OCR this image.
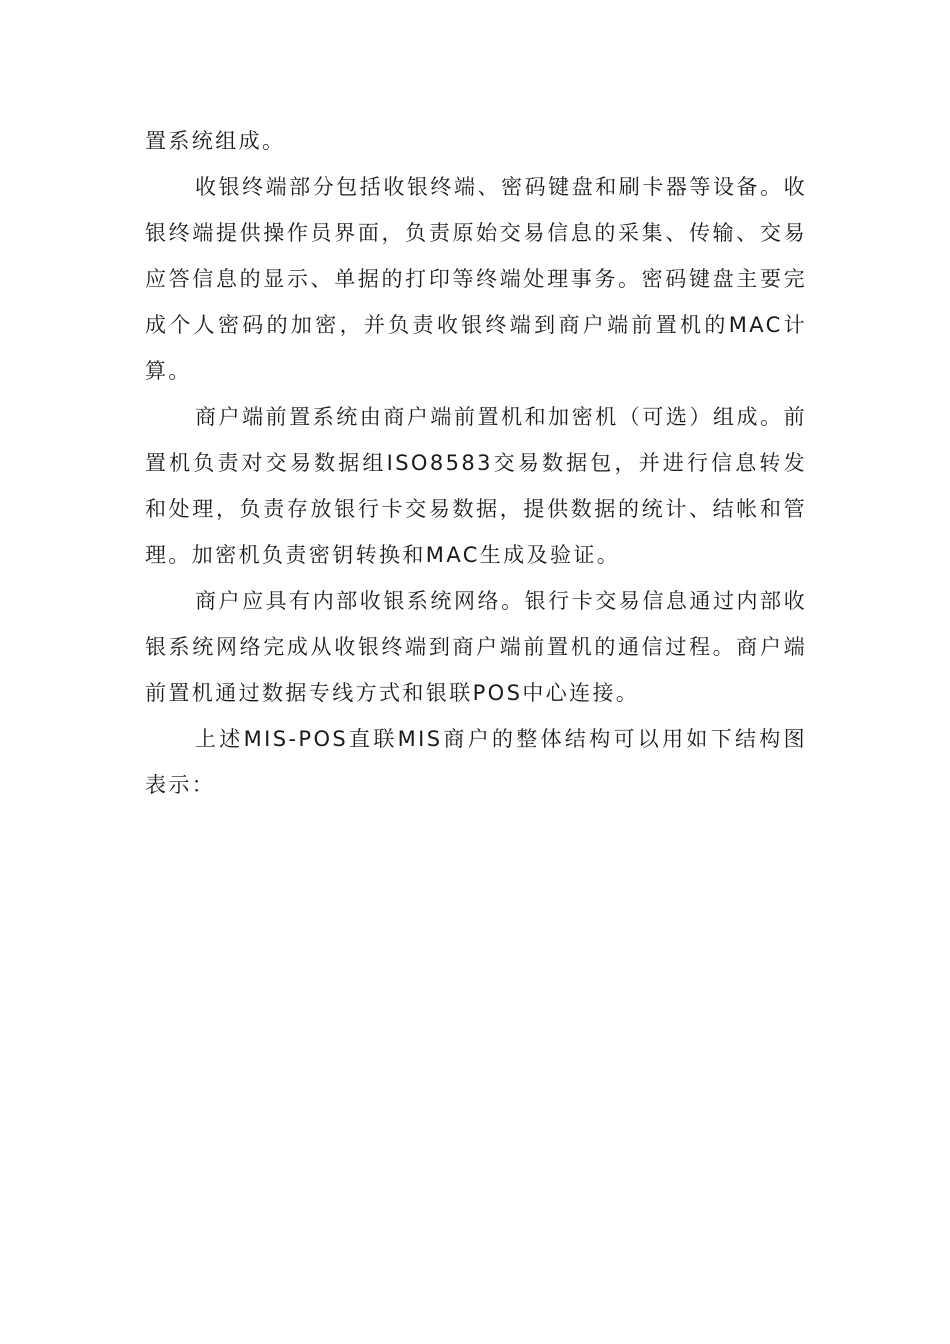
置系统组成。

收银终端部分包括收银终端、密码键盘和刷卡器等设备。收银终端提供操作员界面，负责原始交易信息的采集、传输、交易应答信息的显示、单据的打印等终端处理事务。密码键盘主要完成个人密码的加密，并负责收银终端到商户端前置机的MAC计算。

商户端前置系统由商户端前置机和加密机（可选）组成。前置机负责对交易数据组ISO8583交易数据包，并进行信息转发和处理，负责存放银行卡交易数据，提供数据的统计、结帐和管理。加密机负责密钥转换和MAC生成及验证。

商户应具有内部收银系统网络。银行卡交易信息通过内部收银系统网络完成从收银终端到商户端前置机的通信过程。商户端前置机通过数据专线方式和银联POS中心连接。

上述MIS-POS直联MIS商户的整体结构可以用如下结构图表示：
